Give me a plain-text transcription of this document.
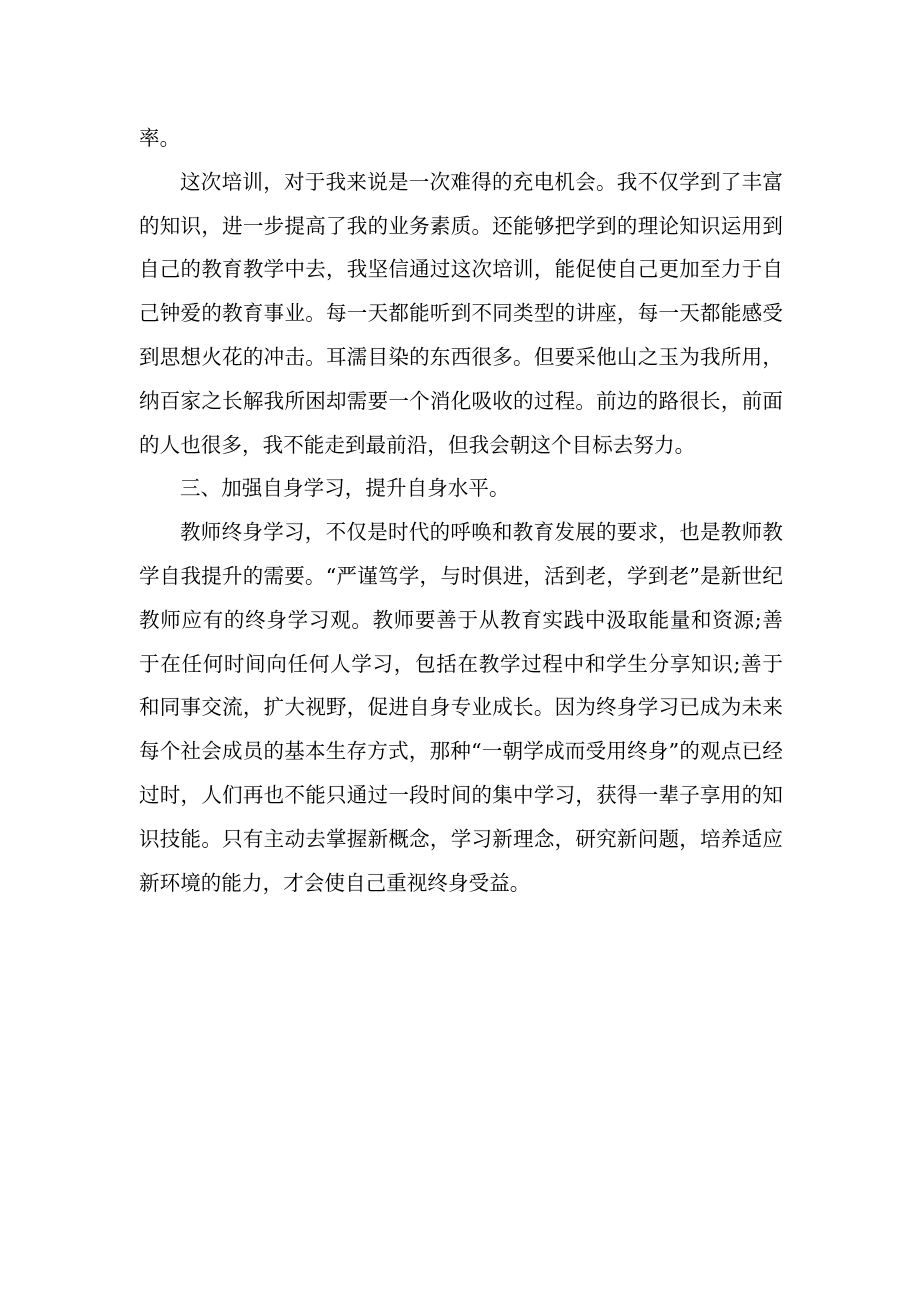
率。

这次培训，对于我来说是一次难得的充电机会。我不仅学到了丰富的知识，进一步提高了我的业务素质。还能够把学到的理论知识运用到自己的教育教学中去，我坚信通过这次培训，能促使自己更加至力于自己钟爱的教育事业。每一天都能听到不同类型的讲座，每一天都能感受到思想火花的冲击。耳濡目染的东西很多。但要采他山之玉为我所用，纳百家之长解我所困却需要一个消化吸收的过程。前边的路很长，前面的人也很多，我不能走到最前沿，但我会朝这个目标去努力。

三、加强自身学习，提升自身水平。

教师终身学习，不仅是时代的呼唤和教育发展的要求，也是教师教学自我提升的需要。“严谨笃学，与时俱进，活到老，学到老”是新世纪教师应有的终身学习观。教师要善于从教育实践中汲取能量和资源;善于在任何时间向任何人学习，包括在教学过程中和学生分享知识;善于和同事交流，扩大视野，促进自身专业成长。因为终身学习已成为未来每个社会成员的基本生存方式，那种“一朝学成而受用终身”的观点已经过时，人们再也不能只通过一段时间的集中学习，获得一辈子享用的知识技能。只有主动去掌握新概念，学习新理念，研究新问题，培养适应新环境的能力，才会使自己重视终身受益。
